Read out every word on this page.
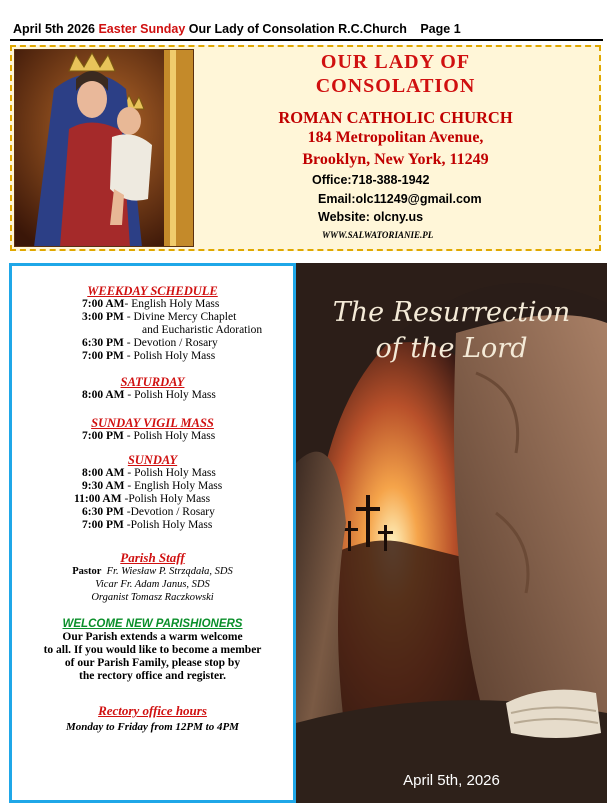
April 5th 2026 Easter Sunday Our Lady of Consolation R.C.Church Page 1
OUR LADY OF
CONSOLATION
ROMAN CATHOLIC CHURCH
184 Metropolitan Avenue,
Brooklyn, New York, 11249
Office:718-388-1942
Email:olc11249@gmail.com
Website: olcny.us
WWW.SALWATORIANIE.PL
WEEKDAY SCHEDULE
7:00 AM- English Holy Mass
3:00 PM - Divine Mercy Chaplet
and Eucharistic Adoration
6:30 PM - Devotion / Rosary
7:00 PM - Polish Holy Mass
SATURDAY
8:00 AM - Polish Holy Mass
SUNDAY VIGIL MASS
7:00 PM - Polish Holy Mass
SUNDAY
8:00 AM - Polish Holy Mass
9:30 AM - English Holy Mass
11:00 AM -Polish Holy Mass
6:30 PM -Devotion / Rosary
7:00 PM -Polish Holy Mass
Parish Staff
Pastor Fr. Wiesław P. Strządała, SDS
Vicar Fr. Adam Janus, SDS
Organist Tomasz Raczkowski
WELCOME NEW PARISHIONERS
Our Parish extends a warm welcome
to all. If you would like to become a member
of our Parish Family, please stop by
the rectory office and register.
Rectory office hours
Monday to Friday from 12PM to 4PM
The Resurrection
of the Lord
April 5th, 2026
